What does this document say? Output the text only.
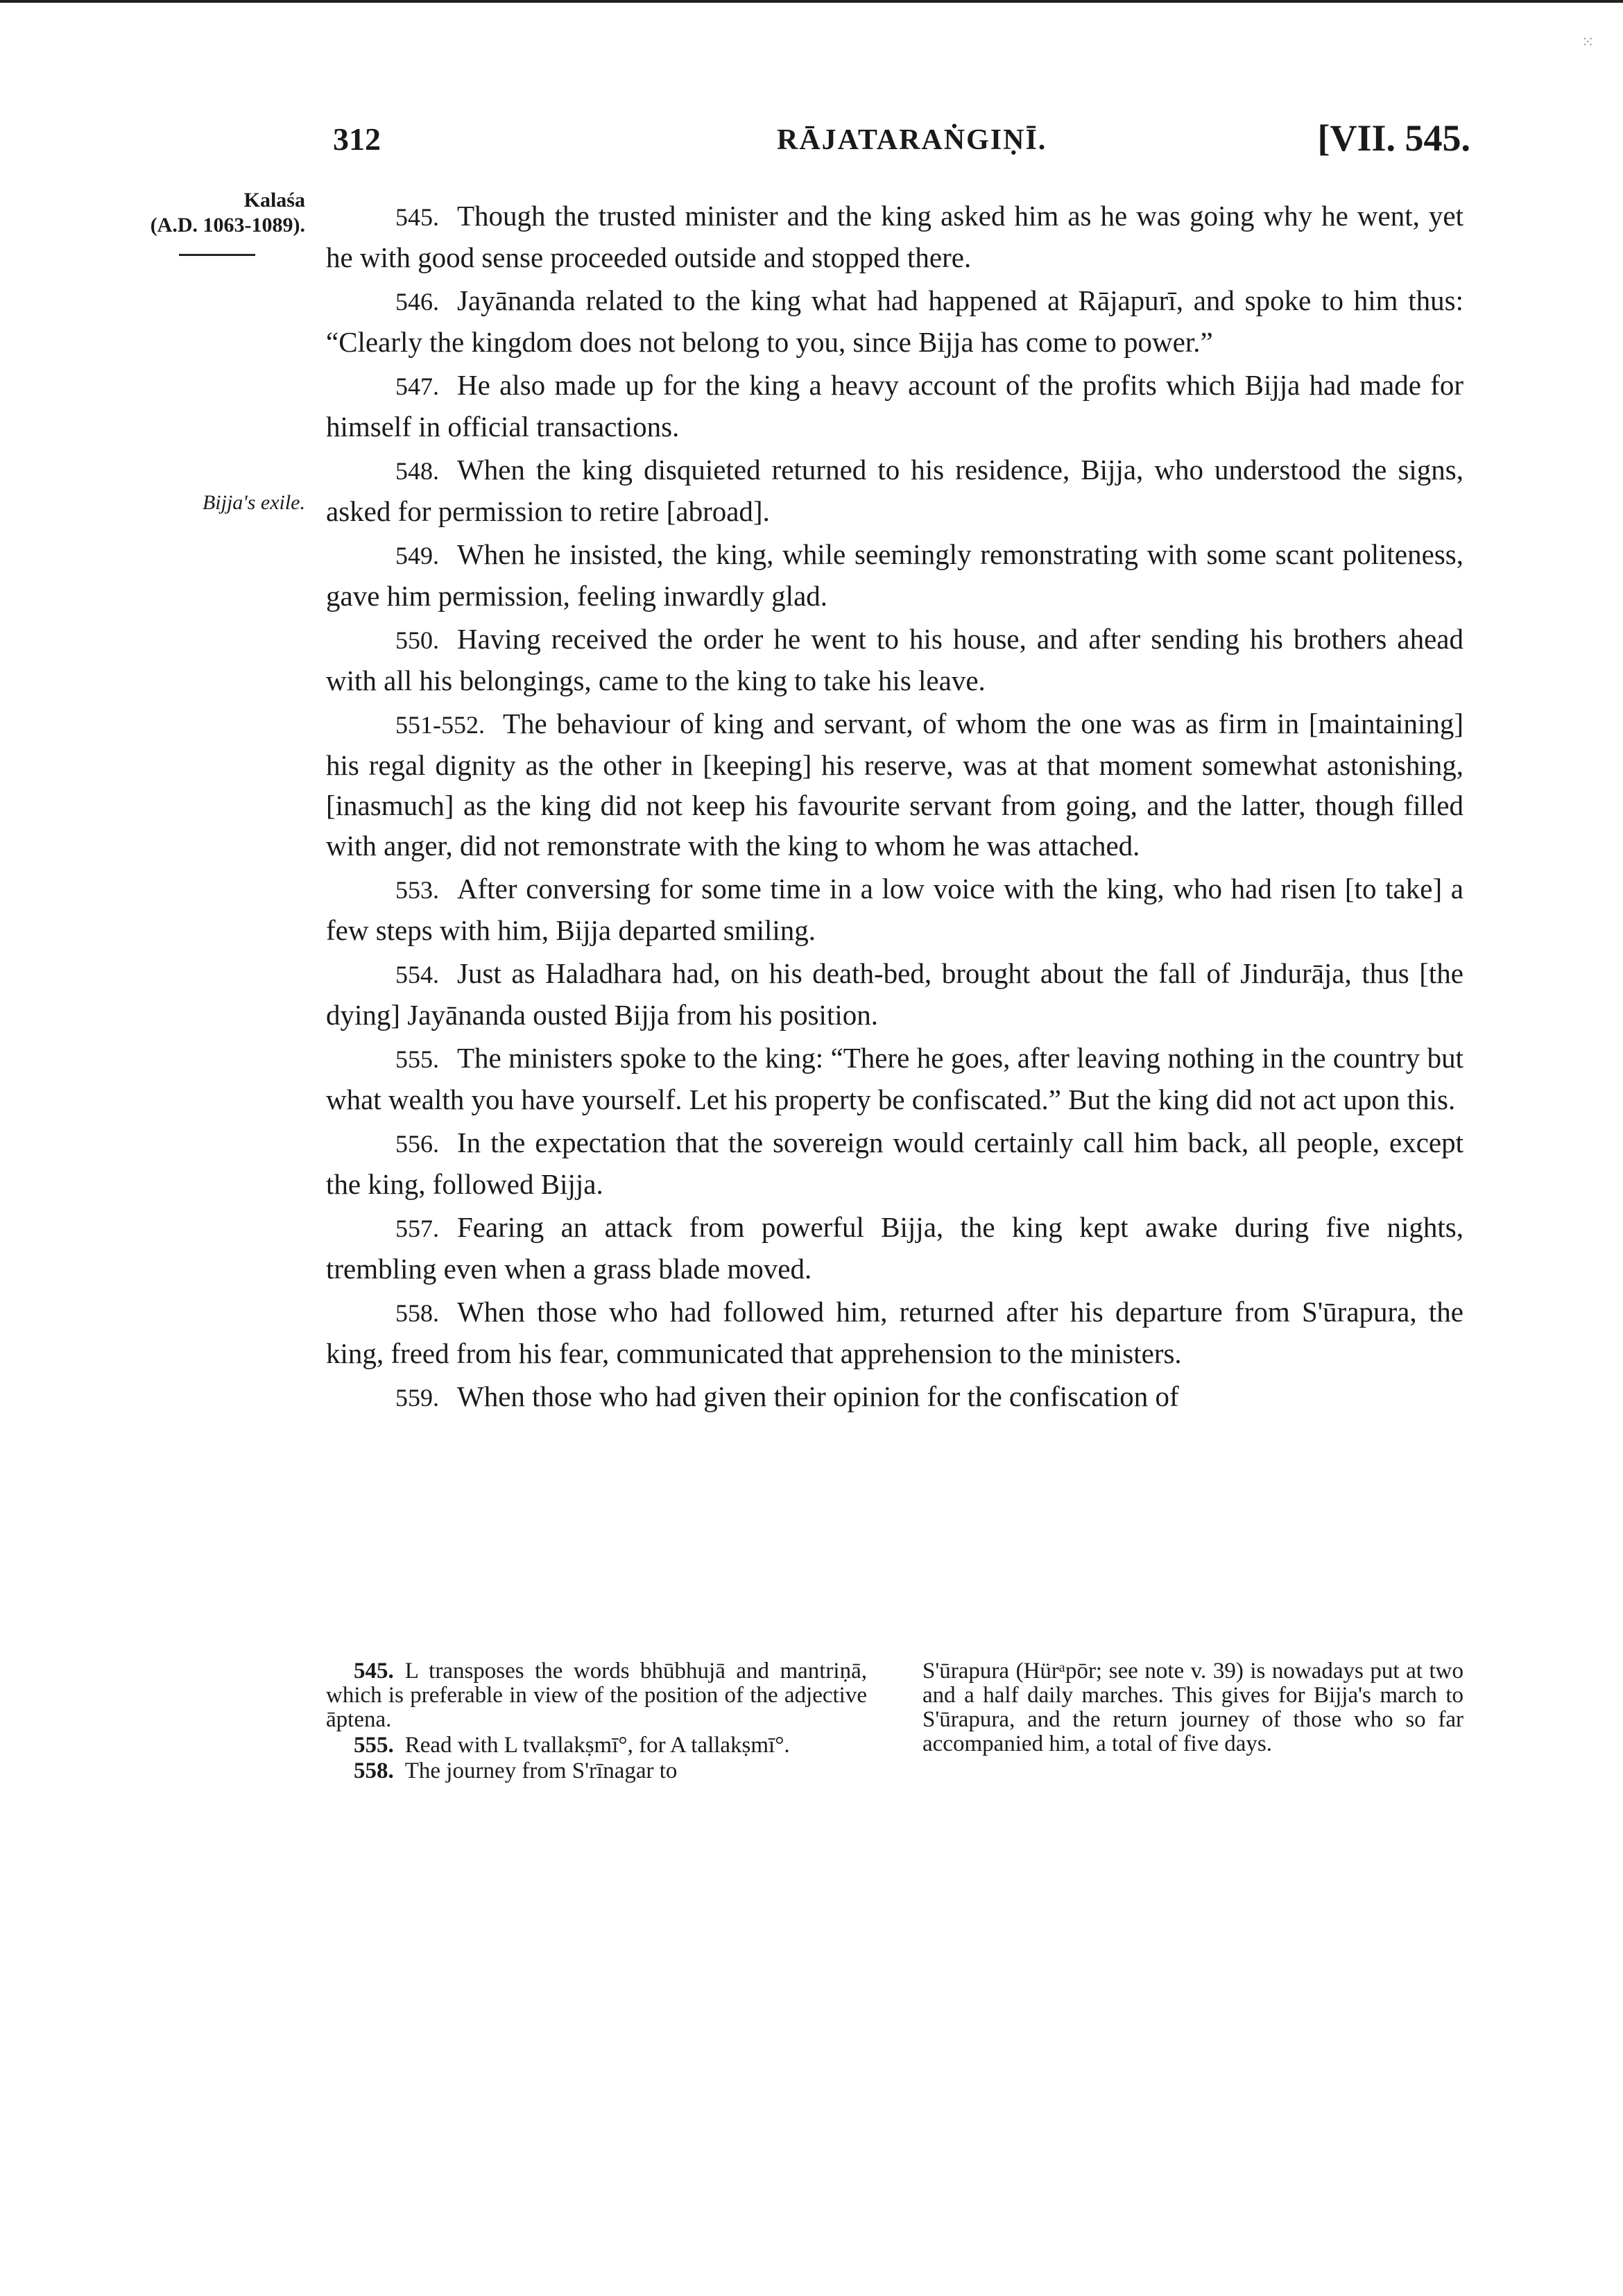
⁙
312	RĀJATARAṄGIṆĪ.	[VII. 545.
Kalaśa
(A.D. 1063-1089).
Bijja's exile.

545. Though the trusted minister and the king asked him as he was going why he went, yet he with good sense proceeded outside and stopped there.

546. Jayānanda related to the king what had happened at Rājapurī, and spoke to him thus: “Clearly the kingdom does not belong to you, since Bijja has come to power.”

547. He also made up for the king a heavy account of the profits which Bijja had made for himself in official transactions.

548. When the king disquieted returned to his residence, Bijja, who understood the signs, asked for permission to retire [abroad].

549. When he insisted, the king, while seemingly remonstrating with some scant politeness, gave him permission, feeling inwardly glad.

550. Having received the order he went to his house, and after sending his brothers ahead with all his belongings, came to the king to take his leave.

551-552. The behaviour of king and servant, of whom the one was as firm in [maintaining] his regal dignity as the other in [keeping] his reserve, was at that moment somewhat astonishing, [inasmuch] as the king did not keep his favourite servant from going, and the latter, though filled with anger, did not remonstrate with the king to whom he was attached.

553. After conversing for some time in a low voice with the king, who had risen [to take] a few steps with him, Bijja departed smiling.

554. Just as Haladhara had, on his death-bed, brought about the fall of Jindurāja, thus [the dying] Jayānanda ousted Bijja from his position.

555. The ministers spoke to the king: “There he goes, after leaving nothing in the country but what wealth you have yourself. Let his property be confiscated.” But the king did not act upon this.

556. In the expectation that the sovereign would certainly call him back, all people, except the king, followed Bijja.

557. Fearing an attack from powerful Bijja, the king kept awake during five nights, trembling even when a grass blade moved.

558. When those who had followed him, returned after his departure from S'ūrapura, the king, freed from his fear, communicated that apprehension to the ministers.

559. When those who had given their opinion for the confiscation of

545. L transposes the words bhūbhujā and mantriṇā, which is preferable in view of the position of the adjective āptena.

555. Read with L tvallakṣmī°, for A tallakṣmī°.

558. The journey from S'rīnagar to

S'ūrapura (Hürᵃpōr; see note v. 39) is nowadays put at two and a half daily marches. This gives for Bijja's march to S'ūrapura, and the return journey of those who so far accompanied him, a total of five days.
